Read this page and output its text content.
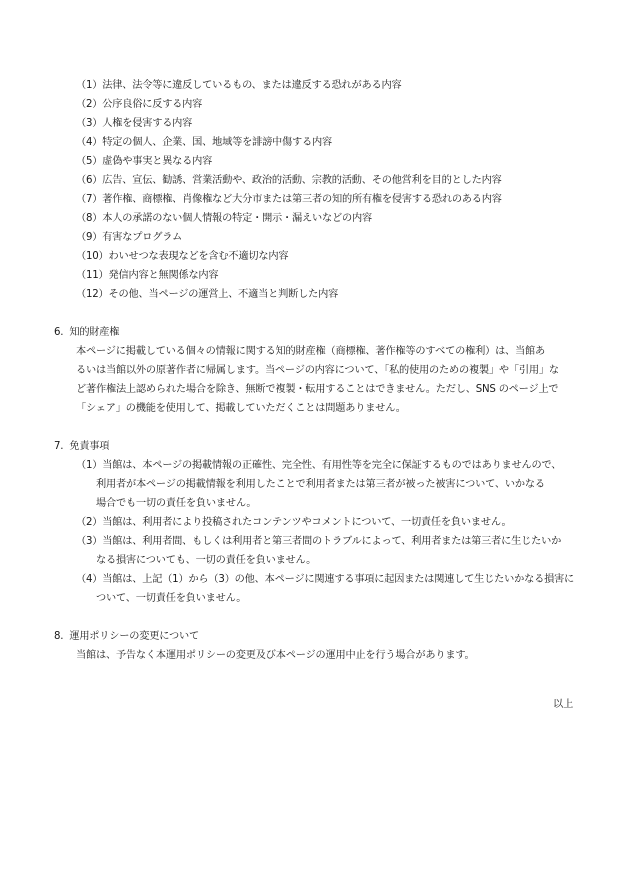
（1）法律、法令等に違反しているもの、または違反する恐れがある内容
（2）公序良俗に反する内容
（3）人権を侵害する内容
（4）特定の個人、企業、国、地域等を誹謗中傷する内容
（5）虚偽や事実と異なる内容
（6）広告、宣伝、勧誘、営業活動や、政治的活動、宗教的活動、その他営利を目的とした内容
（7）著作権、商標権、肖像権など大分市または第三者の知的所有権を侵害する恐れのある内容
（8）本人の承諾のない個人情報の特定・開示・漏えいなどの内容
（9）有害なプログラム
（10）わいせつな表現などを含む不適切な内容
（11）発信内容と無関係な内容
（12）その他、当ページの運営上、不適当と判断した内容
6. 知的財産権
本ページに掲載している個々の情報に関する知的財産権（商標権、著作権等のすべての権利）は、当館あ
るいは当館以外の原著作者に帰属します。当ページの内容について、「私的使用のための複製」や「引用」な
ど著作権法上認められた場合を除き、無断で複製・転用することはできません。ただし、SNS のページ上で
「シェア」の機能を使用して、掲載していただくことは問題ありません。
7. 免責事項
（1）当館は、本ページの掲載情報の正確性、完全性、有用性等を完全に保証するものではありませんので、
利用者が本ページの掲載情報を利用したことで利用者または第三者が被った被害について、いかなる
場合でも一切の責任を負いません。
（2）当館は、利用者により投稿されたコンテンツやコメントについて、一切責任を負いません。
（3）当館は、利用者間、もしくは利用者と第三者間のトラブルによって、利用者または第三者に生じたいか
なる損害についても、一切の責任を負いません。
（4）当館は、上記（1）から（3）の他、本ページに関連する事項に起因または関連して生じたいかなる損害に
ついて、一切責任を負いません。
8. 運用ポリシーの変更について
当館は、予告なく本運用ポリシーの変更及び本ページの運用中止を行う場合があります。
以上
